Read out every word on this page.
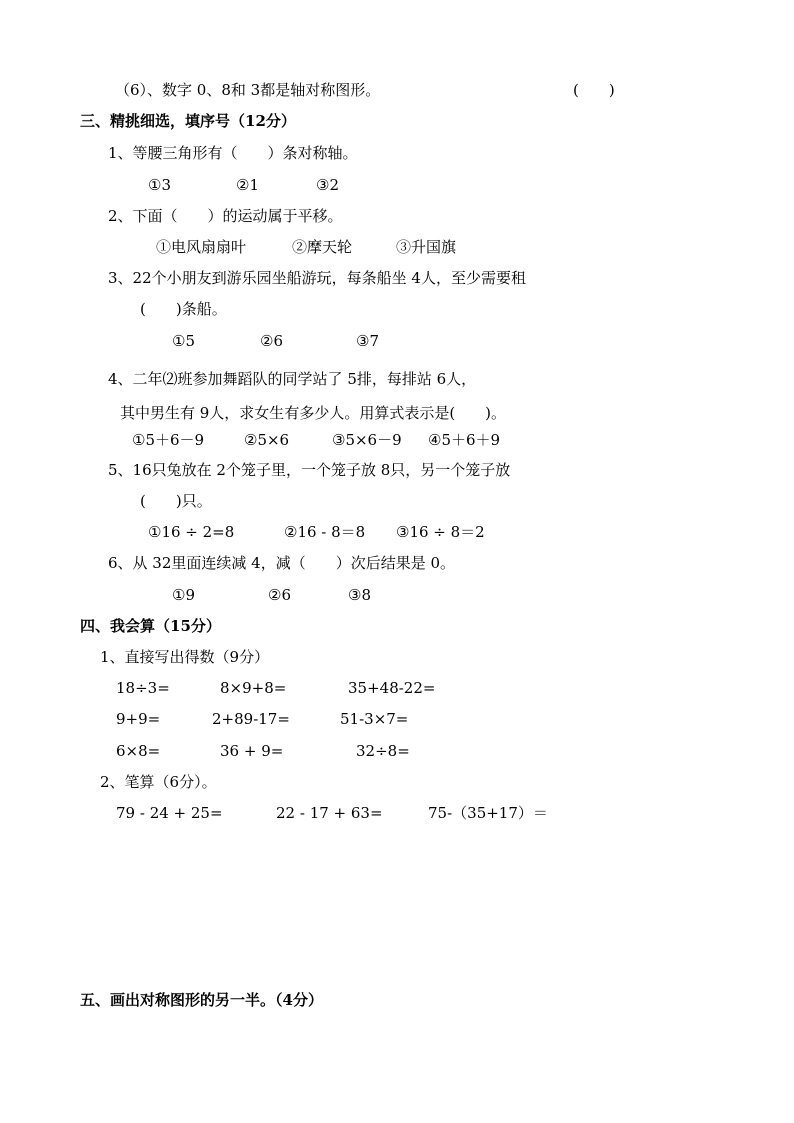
（6）、数字 0、8和 3都是轴对称图形。	(　　)
三、精挑细选，填序号（12分）
1、等腰三角形有（　　）条对称轴。
①3	②1	③2
2、下面（　　）的运动属于平移。
①电风扇扇叶	②摩天轮	③升国旗
3、22个小朋友到游乐园坐船游玩，每条船坐 4人，至少需要租
(　　)条船。
①5	②6	③7
4、二年⑵班参加舞蹈队的同学站了 5排，每排站 6人，
其中男生有 9人，求女生有多少人。用算式表示是(　　)。
①5＋6－9	②5×6	③5×6－9 ④5＋6＋9
5、16只兔放在 2个笼子里，一个笼子放 8只，另一个笼子放
(　　)只。
①16 ÷ 2=8	②16 - 8＝8 ③16 ÷ 8＝2
6、从 32里面连续减 4，减（　　）次后结果是 0。
①9	②6	③8
四、我会算（15分）
1、直接写出得数（9分）
18÷3=	8×9+8=	35+48-22=
9+9=	2+89-17=	51-3×7=
6×8=	36 + 9=	32÷8=
2、笔算（6分）。
79 - 24 + 25=	22 - 17 + 63=	75-（35+17）＝
五、画出对称图形的另一半。（4分）
